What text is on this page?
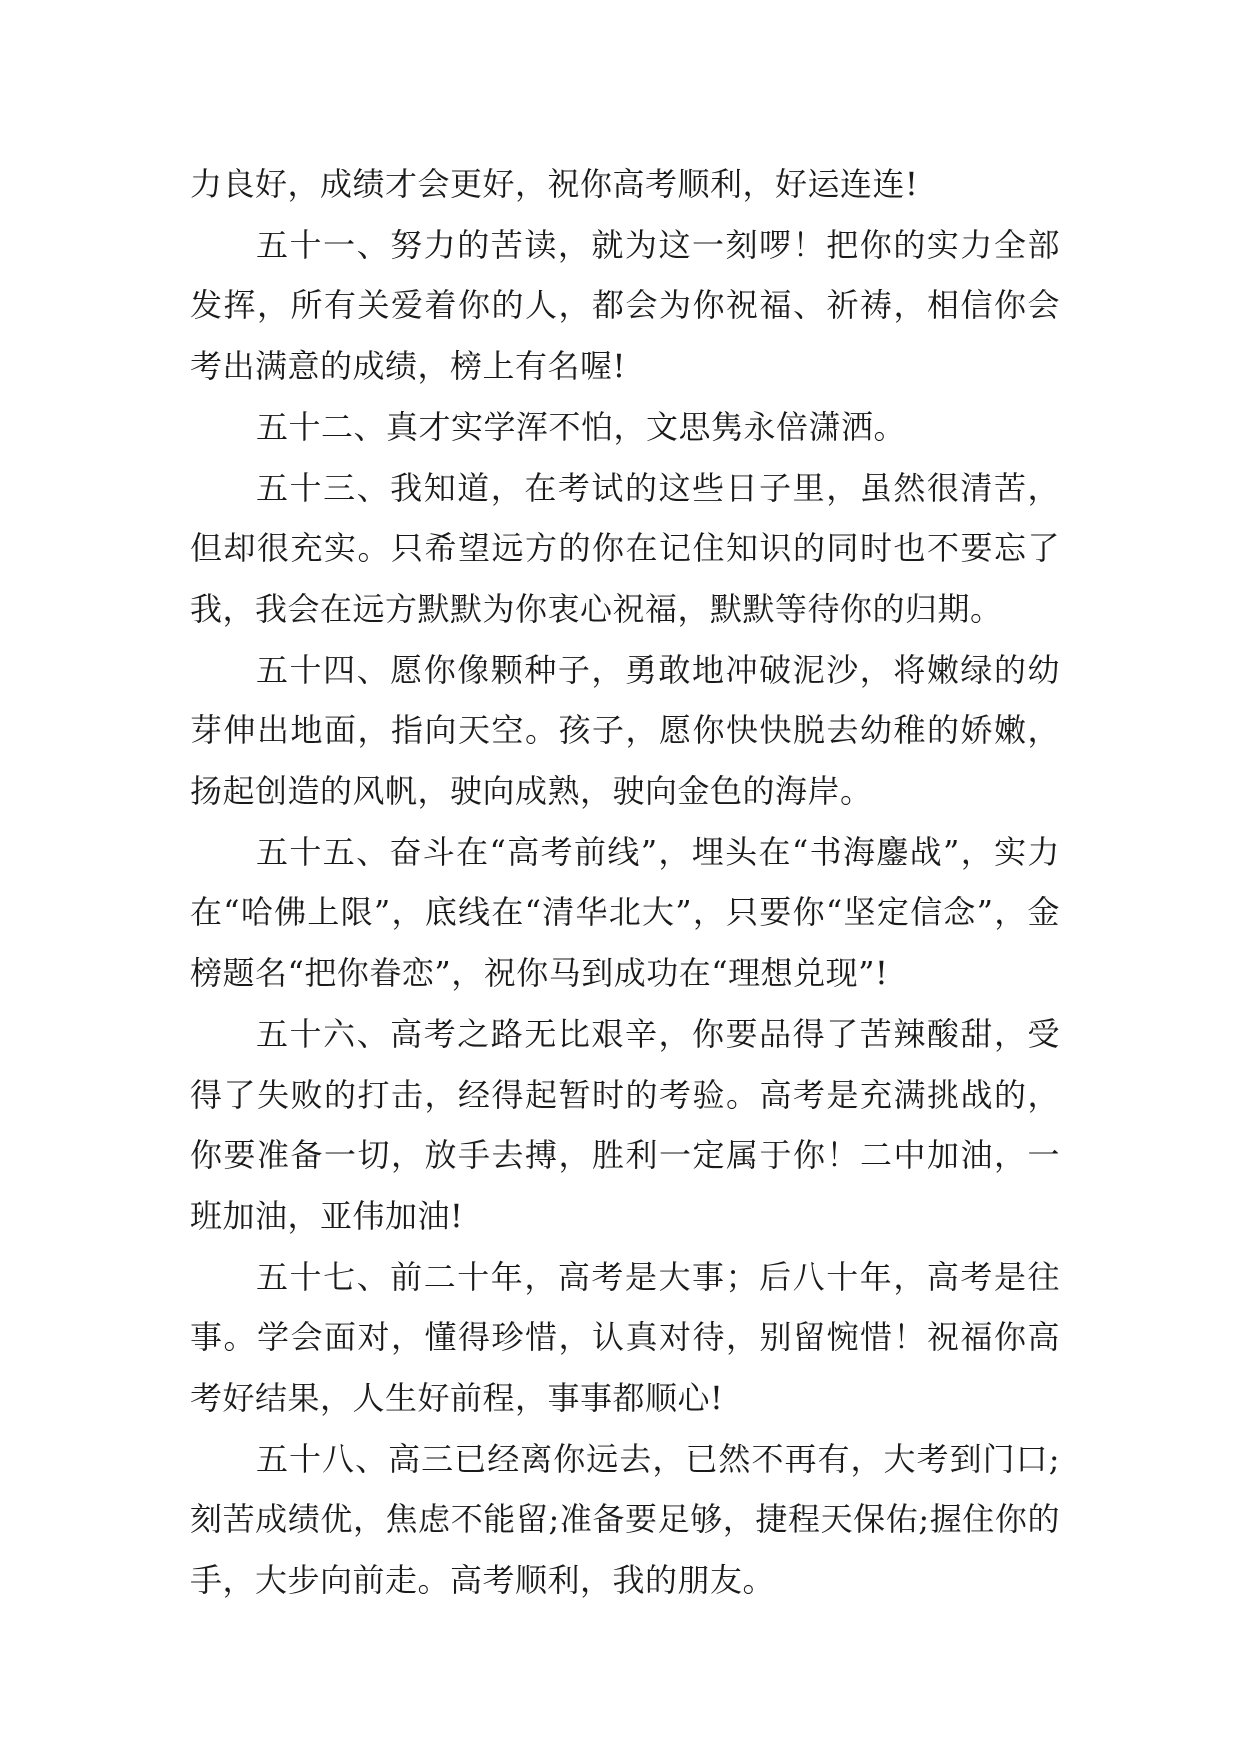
力良好，成绩才会更好，祝你高考顺利，好运连连!

五十一、努力的苦读，就为这一刻啰！把你的实力全部发挥，所有关爱着你的人，都会为你祝福、祈祷，相信你会考出满意的成绩，榜上有名喔!

五十二、真才实学浑不怕，文思隽永倍潇洒。

五十三、我知道，在考试的这些日子里，虽然很清苦，但却很充实。只希望远方的你在记住知识的同时也不要忘了我，我会在远方默默为你衷心祝福，默默等待你的归期。

五十四、愿你像颗种子，勇敢地冲破泥沙，将嫩绿的幼芽伸出地面，指向天空。孩子，愿你快快脱去幼稚的娇嫩，扬起创造的风帆，驶向成熟，驶向金色的海岸。

五十五、奋斗在“高考前线”，埋头在“书海鏖战”，实力在“哈佛上限”，底线在“清华北大”，只要你“坚定信念”，金榜题名“把你眷恋”，祝你马到成功在“理想兑现”!

五十六、高考之路无比艰辛，你要品得了苦辣酸甜，受得了失败的打击，经得起暂时的考验。高考是充满挑战的，你要准备一切，放手去搏，胜利一定属于你！二中加油，一班加油，亚伟加油!

五十七、前二十年，高考是大事；后八十年，高考是往事。学会面对，懂得珍惜，认真对待，别留惋惜！祝福你高考好结果，人生好前程，事事都顺心!

五十八、高三已经离你远去，已然不再有，大考到门口;刻苦成绩优，焦虑不能留;准备要足够，捷程天保佑;握住你的手，大步向前走。高考顺利，我的朋友。
